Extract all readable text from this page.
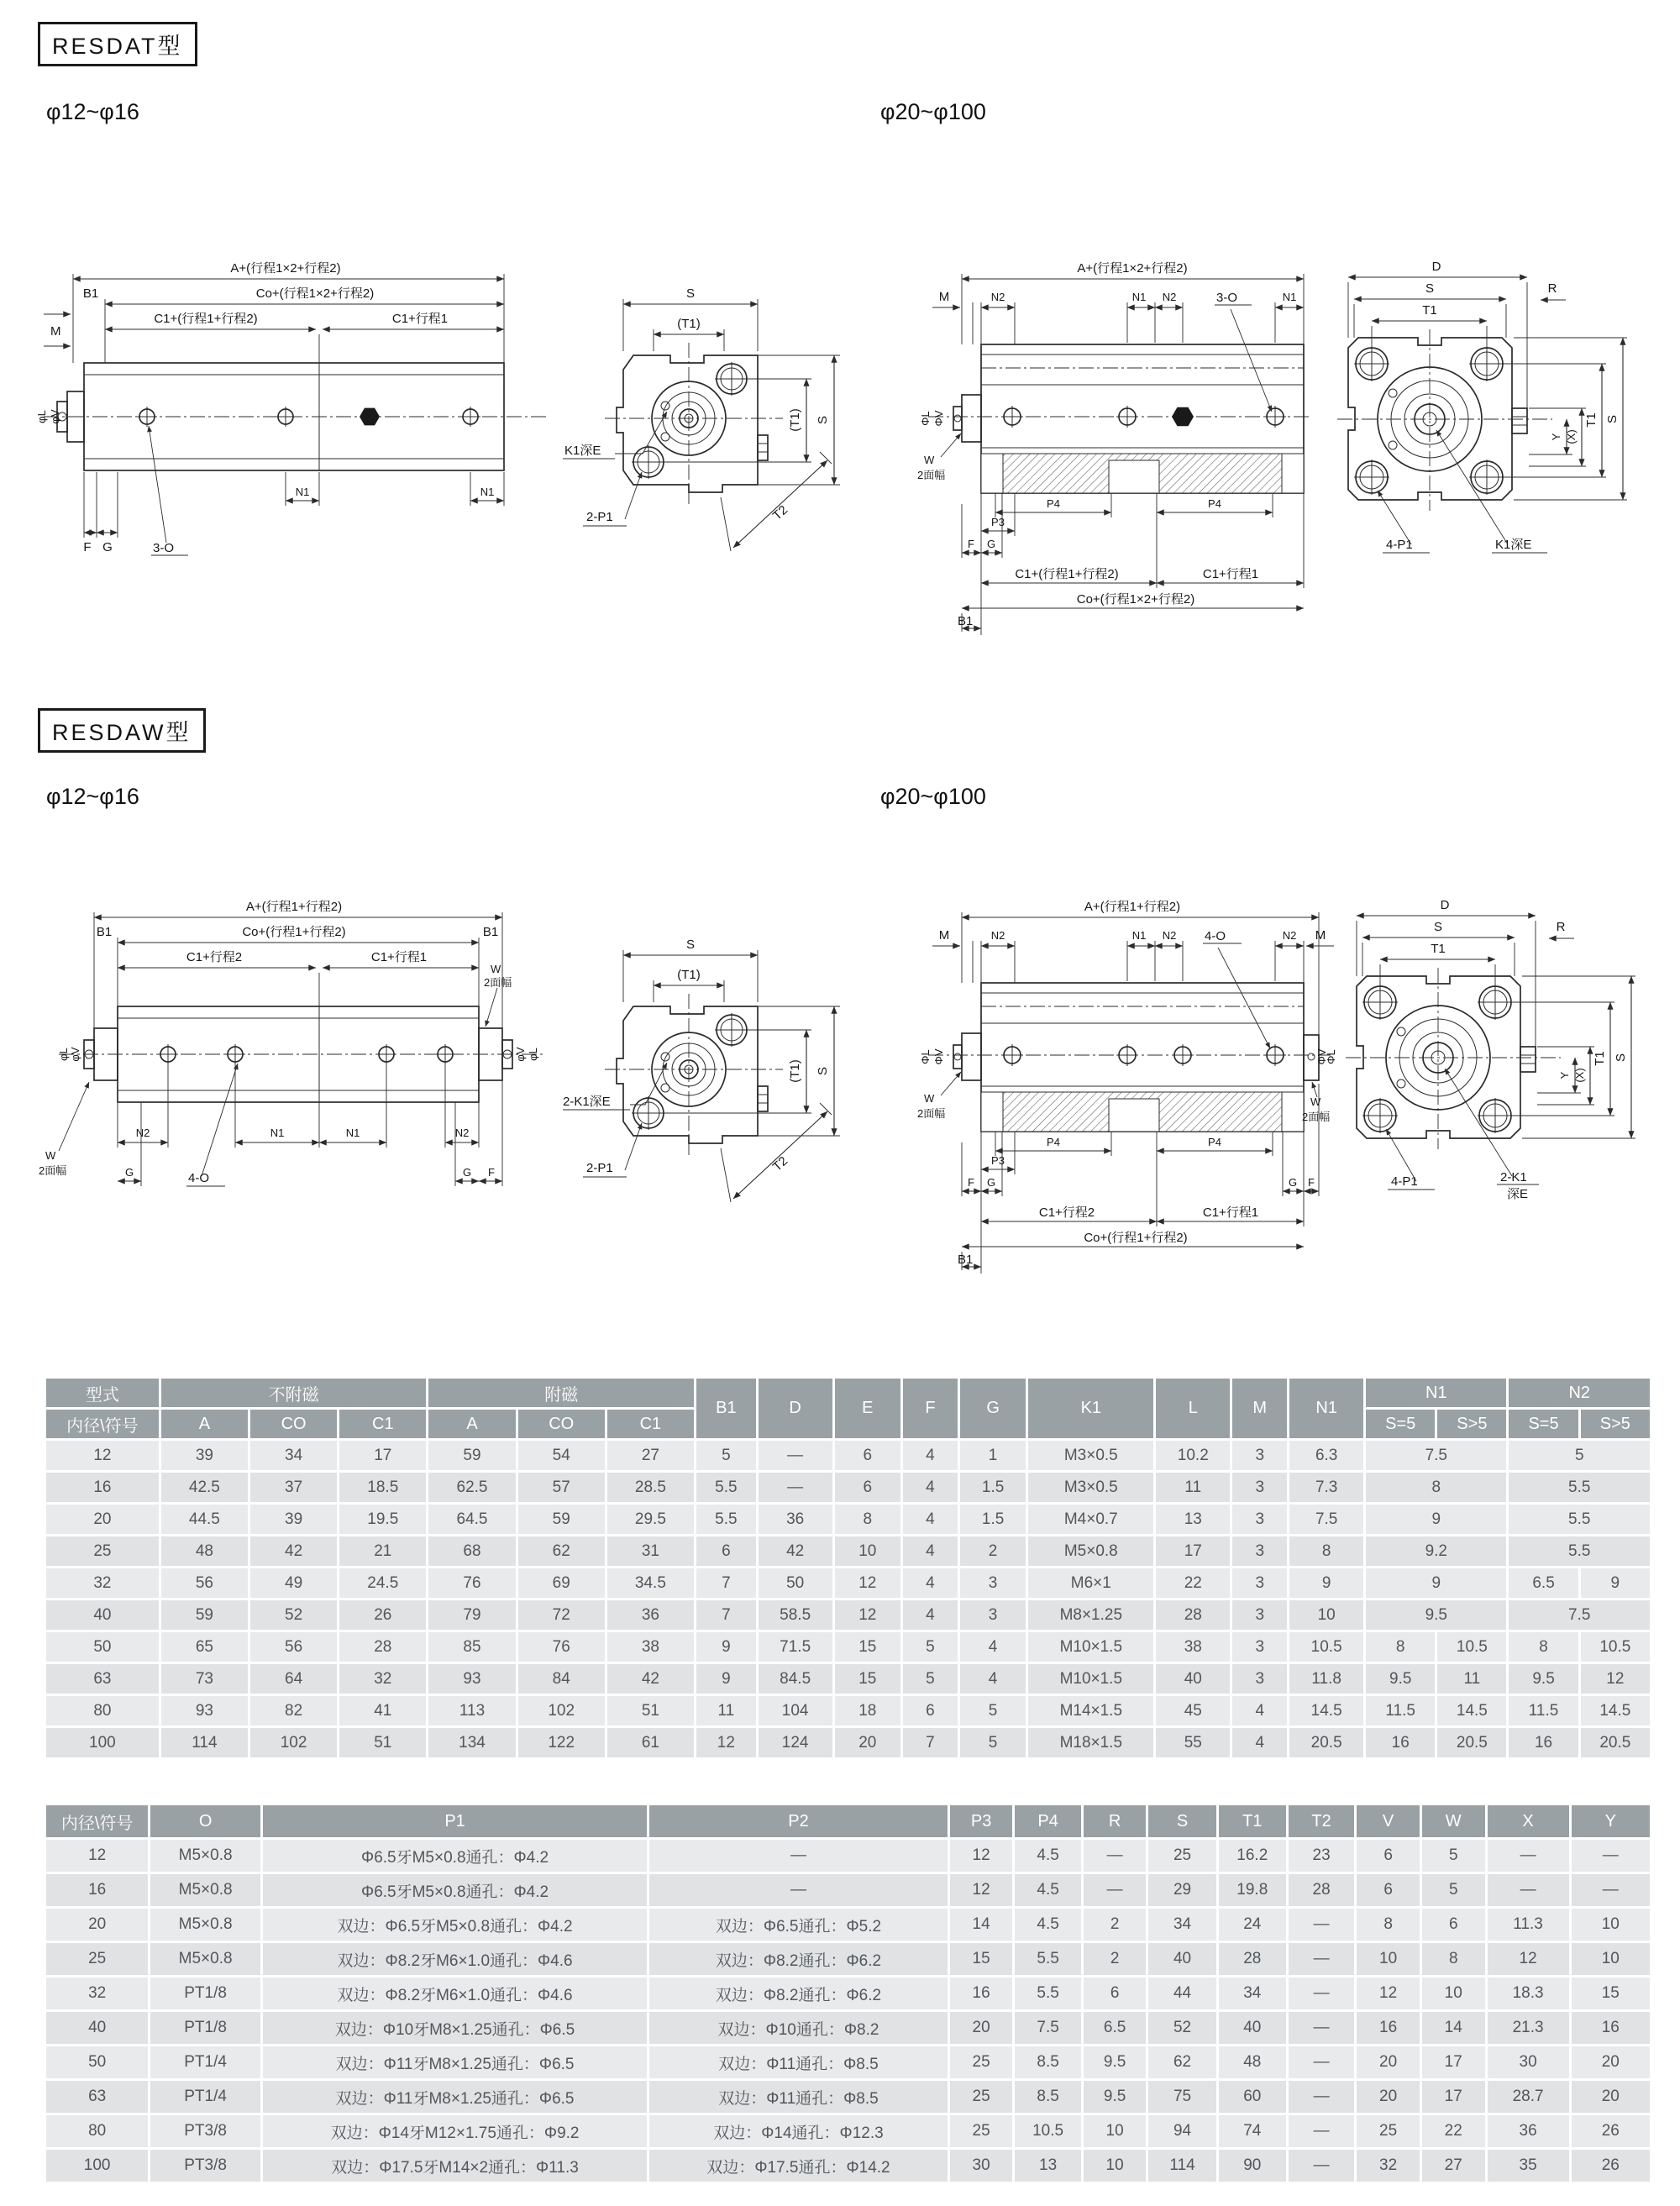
RESDAT型
φ12~φ16	φ20~φ100
A+(行程1×2+行程2)
Co+(行程1×2+行程2)
B1
C1+(行程1+行程2)	C1+行程1
M
φL φV
N1	N1
F G	3-O
S
(T1)
(T1) S
T2
K1深E
2-P1
A+(行程1×2+行程2)
M	N2	N1 N2	3-O	N1
ΦL ΦV
W
2面幅
P4	P4
P3
G
F
C1+(行程1+行程2)	C1+行程1
Co+(行程1×2+行程2)
B1
D
S
T1
R
Y (X)
T1 S
4-P1	K1深E
RESDAW型
φ12~φ16	φ20~φ100
A+(行程1+行程2)
Co+(行程1+行程2)
B1	B1
C1+行程2	C1+行程1
W
2面幅
φL φV	φV φL
N2	N1	N1	N2
G	4-O	G F
W
2面幅
S
(T1)
(T1) S
T2
2-K1深E
2-P1
A+(行程1+行程2)
M	M
N2	N1 N2 4-O	N2
ΦL ΦV	ΦV
ΦL
W
2面幅
W
2面幅
P4	P4
P3
G
F	G F
C1+行程2	C1+行程1
Co+(行程1+行程2)
B1
D
S
T1
R
Y (X)
T1 S
4-P1	2-K1
深E
型式	不附磁			附磁			B1	D	E	F	G	K1	L	M	N1	N1		N2	
内径\符号	A	CO	C1	A	CO	C1										S=5	S>5	S=5	S>5
12	39	34	17	59	54	27	5	—	6	4	1	M3×0.5	10.2	3	6.3	7.5		5	
16	42.5	37	18.5	62.5	57	28.5	5.5	—	6	4	1.5	M3×0.5	11	3	7.3	8		5.5	
20	44.5	39	19.5	64.5	59	29.5	5.5	36	8	4	1.5	M4×0.7	13	3	7.5	9		5.5	
25	48	42	21	68	62	31	6	42	10	4	2	M5×0.8	17	3	8	9.2		5.5	
32	56	49	24.5	76	69	34.5	7	50	12	4	3	M6×1	22	3	9	9		6.5	9
40	59	52	26	79	72	36	7	58.5	12	4	3	M8×1.25	28	3	10	9.5		7.5	
50	65	56	28	85	76	38	9	71.5	15	5	4	M10×1.5	38	3	10.5	8	10.5	8	10.5
63	73	64	32	93	84	42	9	84.5	15	5	4	M10×1.5	40	3	11.8	9.5	11	9.5	12
80	93	82	41	113	102	51	11	104	18	6	5	M14×1.5	45	4	14.5	11.5	14.5	11.5	14.5
100	114	102	51	134	122	61	12	124	20	7	5	M18×1.5	55	4	20.5	16	20.5	16	20.5
内径\符号	O	P1	P2	P3	P4	R	S	T1	T2	V	W	X	Y
12	M5×0.8	Φ6.5牙M5×0.8通孔：Φ4.2	—	12	4.5	—	25	16.2	23	6	5	—	—
16	M5×0.8	Φ6.5牙M5×0.8通孔：Φ4.2	—	12	4.5	—	29	19.8	28	6	5	—	—
20	M5×0.8	双边：Φ6.5牙M5×0.8通孔：Φ4.2	双边：Φ6.5通孔：Φ5.2	14	4.5	2	34	24	—	8	6	11.3	10
25	M5×0.8	双边：Φ8.2牙M6×1.0通孔：Φ4.6	双边：Φ8.2通孔：Φ6.2	15	5.5	2	40	28	—	10	8	12	10
32	PT1/8	双边：Φ8.2牙M6×1.0通孔：Φ4.6	双边：Φ8.2通孔：Φ6.2	16	5.5	6	44	34	—	12	10	18.3	15
40	PT1/8	双边：Φ10牙M8×1.25通孔：Φ6.5	双边：Φ10通孔：Φ8.2	20	7.5	6.5	52	40	—	16	14	21.3	16
50	PT1/4	双边：Φ11牙M8×1.25通孔：Φ6.5	双边：Φ11通孔：Φ8.5	25	8.5	9.5	62	48	—	20	17	30	20
63	PT1/4	双边：Φ11牙M8×1.25通孔：Φ6.5	双边：Φ11通孔：Φ8.5	25	8.5	9.5	75	60	—	20	17	28.7	20
80	PT3/8	双边：Φ14牙M12×1.75通孔：Φ9.2	双边：Φ14通孔：Φ12.3	25	10.5	10	94	74	—	25	22	36	26
100	PT3/8	双边：Φ17.5牙M14×2通孔：Φ11.3	双边：Φ17.5通孔：Φ14.2	30	13	10	114	90	—	32	27	35	26
